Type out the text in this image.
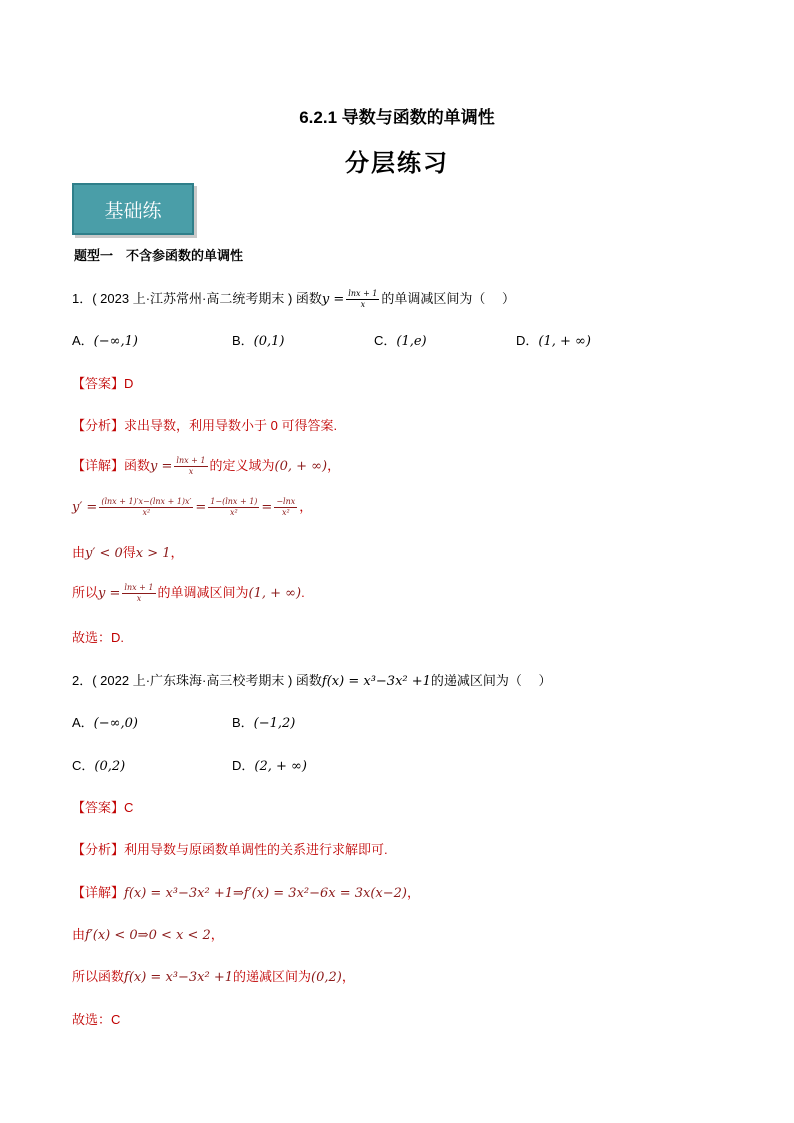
6.2.1 导数与函数的单调性
分层练习
基础练
题型一　不含参函数的单调性
1．( 2023 上·江苏常州·高二统考期末 ) 函数$y = \frac{\ln x + 1}{x}$ 的单调减区间为（　 ）
A．(−∞,1)	B．(0,1)	C．(1,e)	D．(1, + ∞)
【答案】D
【分析】求出导数，利用导数小于 0 可得答案.
【详解】函数$y = \frac{\ln x + 1}{x}$ 的定义域为(0, + ∞)，
$y' = \frac{(\ln x + 1)'x-(\ln x + 1)x'}{\text{x²}} = \frac{1-(\ln x + 1)}{\text{x²}} = \frac{-\ln x}{\text{x²}}$ ，
由y′ < 0得x > 1，
所以$y = \frac{\ln x + 1}{x}$ 的单调减区间为(1, + ∞).
故选：D.
2．( 2022 上·广东珠海·高三校考期末 ) 函数f(x) = x³−3x² +1的递减区间为（　 ）
A．(−∞,0)	B．(−1,2)
C．(0,2)	D．(2, + ∞)
【答案】C
【分析】利用导数与原函数单调性的关系进行求解即可.
【详解】f(x) = x³−3x² +1⇒f′(x) = 3x²−6x = 3x(x−2)，
由f′(x) < 0⇒0 < x < 2，
所以函数f(x) = x³−3x² +1的递减区间为(0,2)，
故选：C
